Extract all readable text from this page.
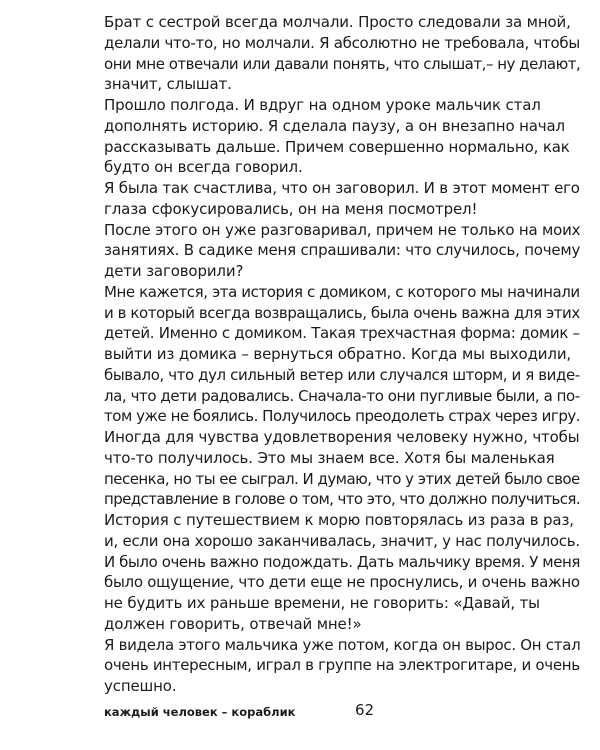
Брат с сестрой всегда молчали. Просто следовали за мной,
делали что-то, но молчали. Я абсолютно не требовала, чтобы
они мне отвечали или давали понять, что слышат,– ну делают,
значит, слышат.
Прошло полгода. И вдруг на одном уроке мальчик стал
дополнять историю. Я сделала паузу, а он внезапно начал
рассказывать дальше. Причем совершенно нормально, как
будто он всегда говорил.
Я была так счастлива, что он заговорил. И в этот момент его
глаза сфокусировались, он на меня посмотрел!
После этого он уже разговаривал, причем не только на моих
занятиях. В садике меня спрашивали: что случилось, почему
дети заговорили?
Мне кажется, эта история с домиком, с которого мы начинали
и в который всегда возвращались, была очень важна для этих
детей. Именно с домиком. Такая трехчастная форма: домик –
выйти из домика – вернуться обратно. Когда мы выходили,
бывало, что дул сильный ветер или случался шторм, и я виде-
ла, что дети радовались. Сначала-то они пугливые были, а по-
том уже не боялись. Получилось преодолеть страх через игру.
Иногда для чувства удовлетворения человеку нужно, чтобы
что-то получилось. Это мы знаем все. Хотя бы маленькая
песенка, но ты ее сыграл. И думаю, что у этих детей было свое
представление в голове о том, что это, что должно получиться.
История с путешествием к морю повторялась из раза в раз,
и, если она хорошо заканчивалась, значит, у нас получилось.
И было очень важно подождать. Дать мальчику время. У меня
было ощущение, что дети еще не проснулись, и очень важно
не будить их раньше времени, не говорить: «Давай, ты
должен говорить, отвечай мне!»
Я видела этого мальчика уже потом, когда он вырос. Он стал
очень интересным, играл в группе на электрогитаре, и очень
успешно.
каждый человек – кораблик	62
